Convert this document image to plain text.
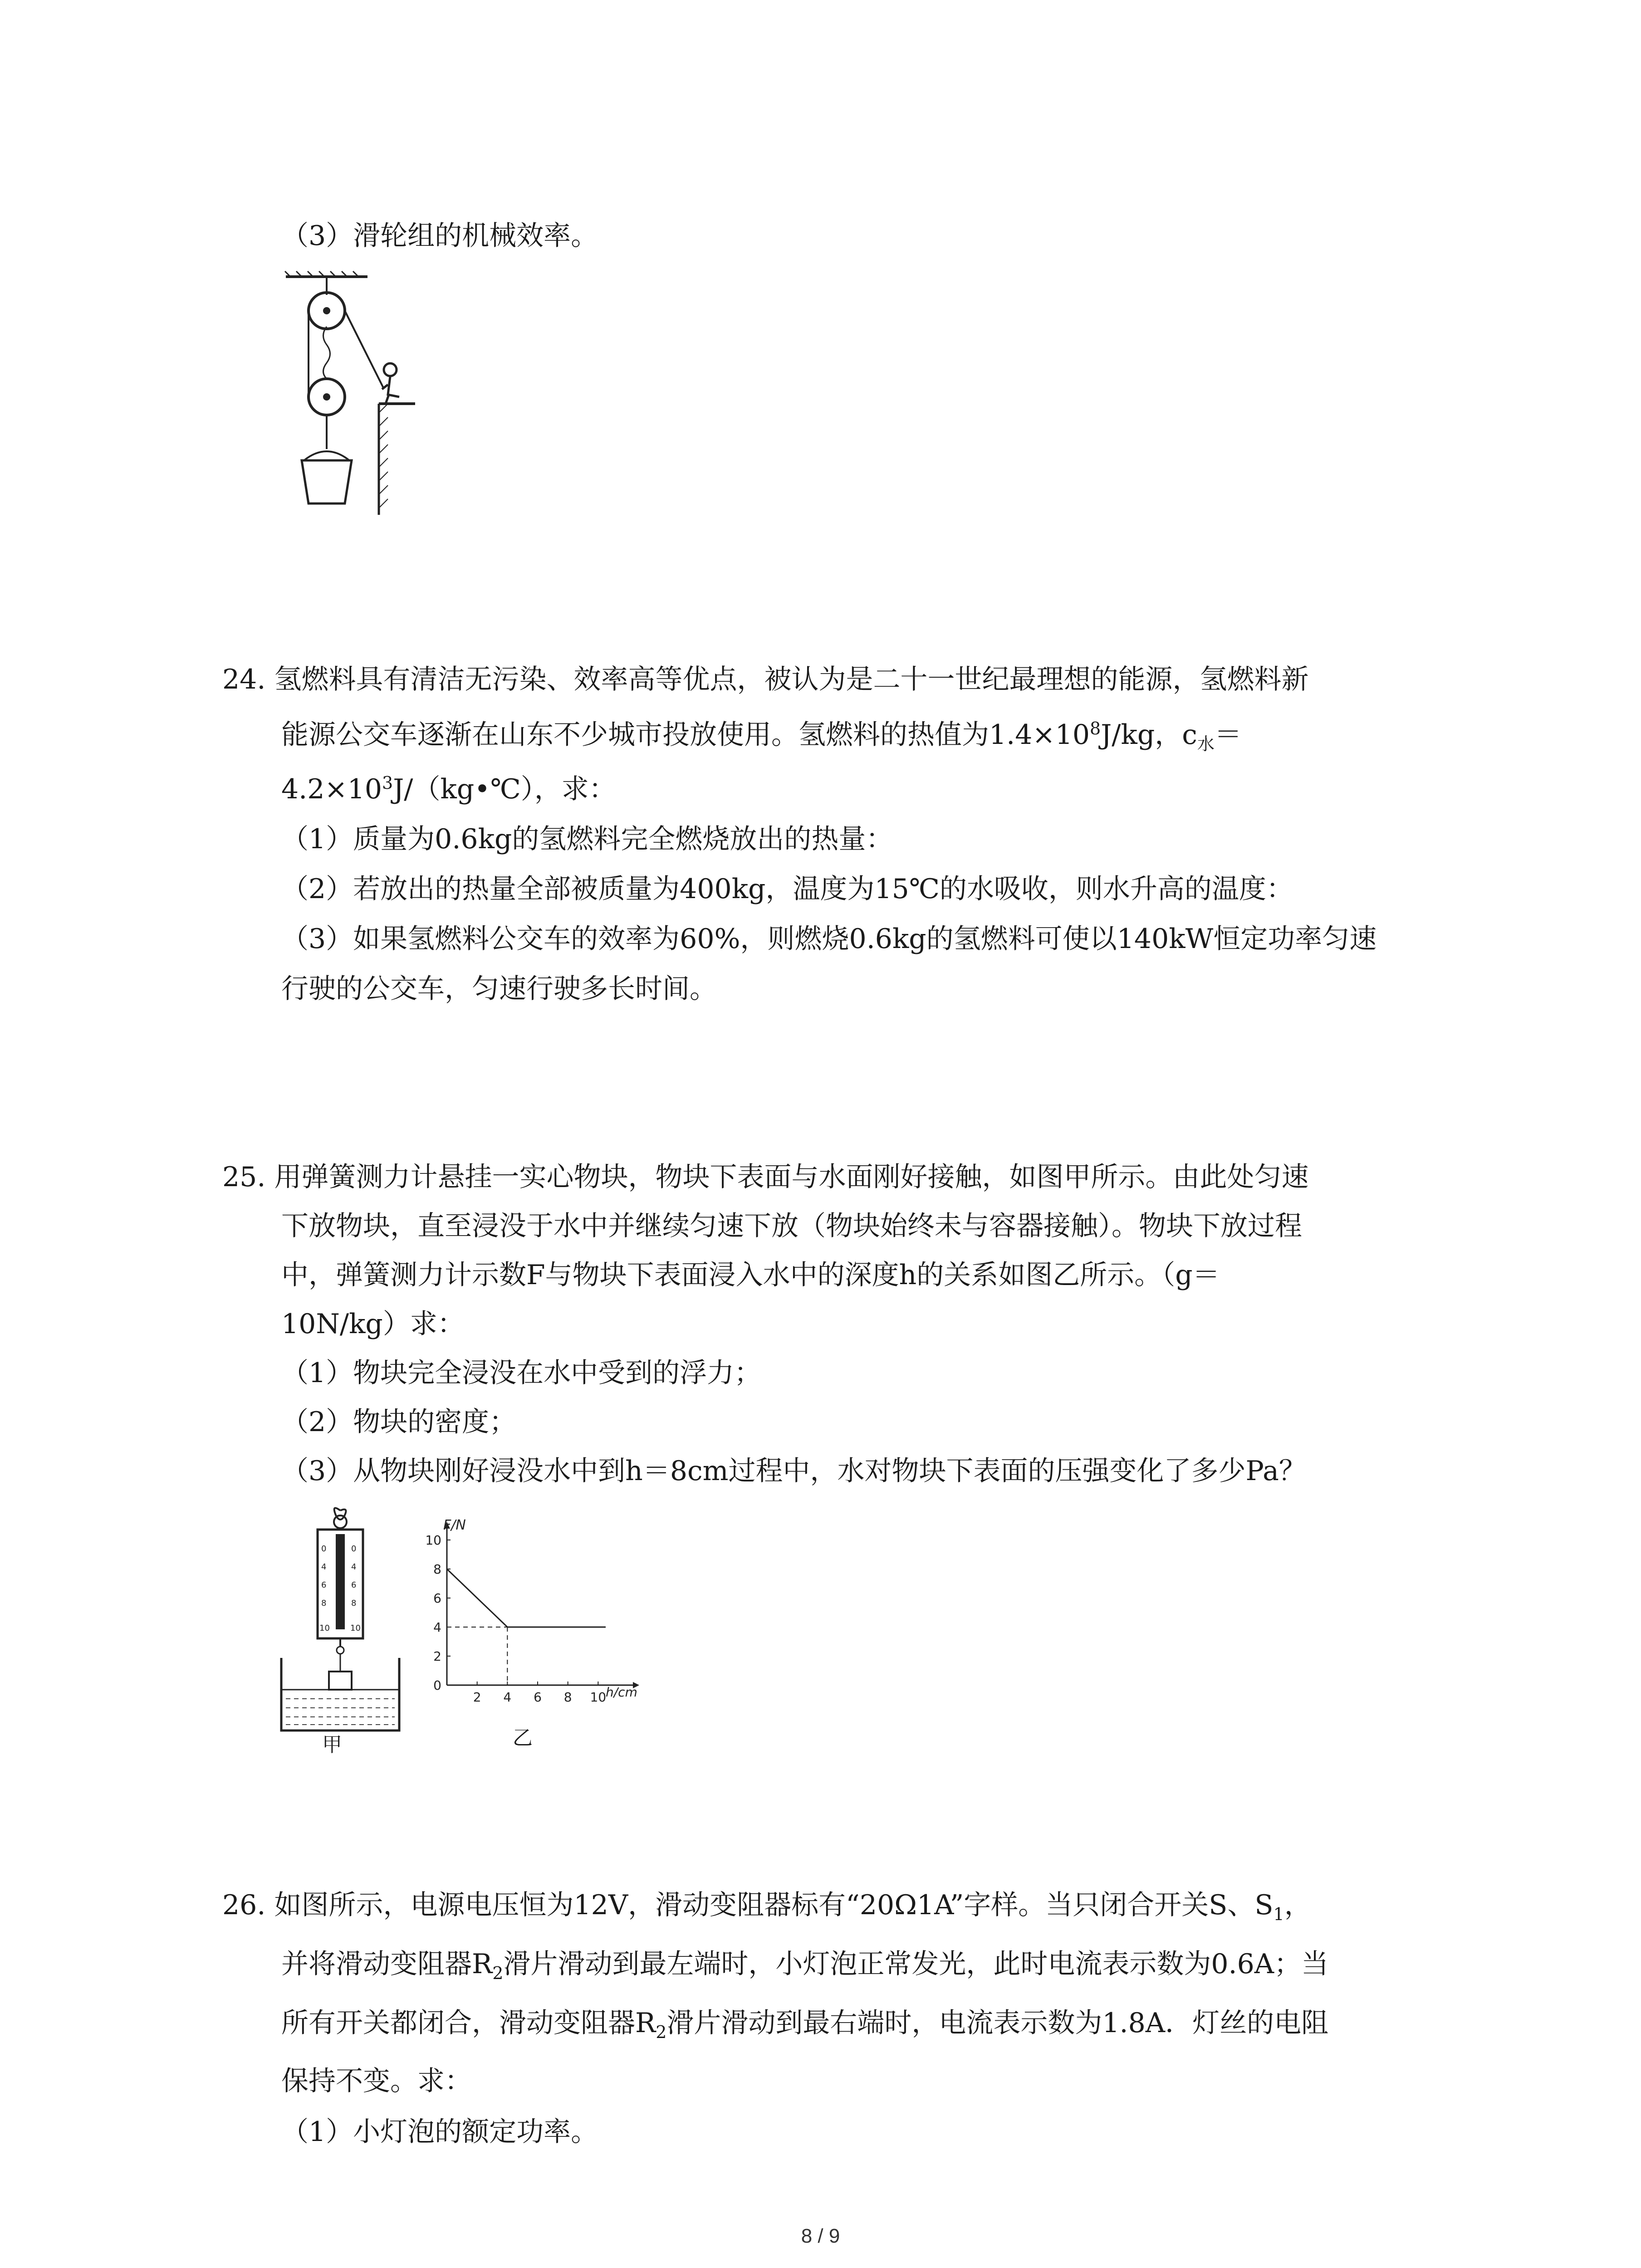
（3）滑轮组的机械效率。
24. 氢燃料具有清洁无污染、效率高等优点，被认为是二十一世纪最理想的能源，氢燃料新
能源公交车逐渐在山东不少城市投放使用。氢燃料的热值为$1.4\times 10^8J/kg$，$c_水=$
$4.2\times 10^3J/(kg•℃)$，求：
（1）质量为0.6kg的氢燃料完全燃烧放出的热量：
（2）若放出的热量全部被质量为400kg，温度为15℃的水吸收，则水升高的温度：
（3）如果氢燃料公交车的效率为60%，则燃烧0.6kg的氢燃料可使以140kW恒定功率匀速
行驶的公交车，匀速行驶多长时间。
25. 用弹簧测力计悬挂一实心物块，物块下表面与水面刚好接触，如图甲所示。由此处匀速
下放物块，直至浸没于水中并继续匀速下放（物块始终未与容器接触）。物块下放过程
中，弹簧测力计示数F与物块下表面浸入水中的深度h的关系如图乙所示。（g＝
10N/kg）求：
（1）物块完全浸没在水中受到的浮力；
（2）物块的密度；
（3）从物块刚好浸没水中到h＝8cm过程中，水对物块下表面的压强变化了多少Pa？
0
4
6
8
0
4
6
8
10	10
甲
2 4 6 8 10
0
2
4
6
8
10
F/N
h/cm
乙
26. 如图所示，电源电压恒为12V，滑动变阻器标有“20Ω1A”字样。当只闭合开关S、$S_1$，
并将滑动变阻器$R_2$滑片滑动到最左端时，小灯泡正常发光，此时电流表示数为0.6A；当
所有开关都闭合，滑动变阻器$R_2$滑片滑动到最右端时，电流表示数为1.8A．灯丝的电阻
保持不变。求：
（1）小灯泡的额定功率。
8 / 9
